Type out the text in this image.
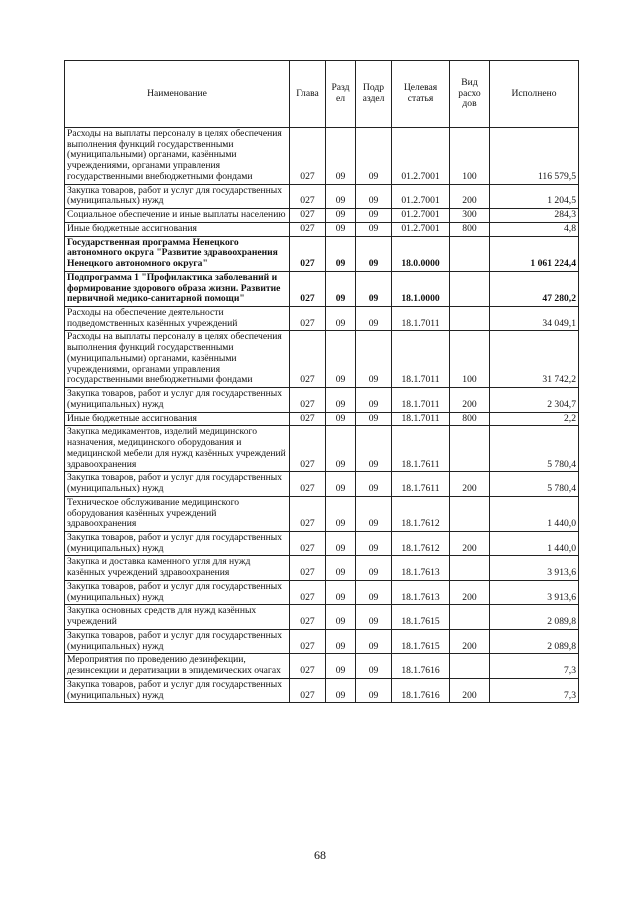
Наименование	Глава	Разд ел	Подр аздел	Целевая статья	Вид расхо дов	Исполнено
Расходы на выплаты персоналу в целях обеспечения выполнения функций государственными (муниципальными) органами, казёнными учреждениями, органами управления государственными внебюджетными фондами	027	09	09	01.2.7001	100	116 579,5
Закупка товаров, работ и услуг для государственных (муниципальных) нужд	027	09	09	01.2.7001	200	1 204,5
Социальное обеспечение и иные выплаты населению	027	09	09	01.2.7001	300	284,3
Иные бюджетные ассигнования	027	09	09	01.2.7001	800	4,8
Государственная программа Ненецкого автономного округа "Развитие здравоохранения Ненецкого автономного округа"	027	09	09	18.0.0000		1 061 224,4
Подпрограмма 1 "Профилактика заболеваний и формирование здорового образа жизни. Развитие первичной медико-санитарной помощи"	027	09	09	18.1.0000		47 280,2
Расходы на обеспечение деятельности подведомственных казённых учреждений	027	09	09	18.1.7011		34 049,1
Расходы на выплаты персоналу в целях обеспечения выполнения функций государственными (муниципальными) органами, казёнными учреждениями, органами управления государственными внебюджетными фондами	027	09	09	18.1.7011	100	31 742,2
Закупка товаров, работ и услуг для государственных (муниципальных) нужд	027	09	09	18.1.7011	200	2 304,7
Иные бюджетные ассигнования	027	09	09	18.1.7011	800	2,2
Закупка медикаментов, изделий медицинского назначения, медицинского оборудования и медицинской мебели для нужд казённых учреждений здравоохранения	027	09	09	18.1.7611		5 780,4
Закупка товаров, работ и услуг для государственных (муниципальных) нужд	027	09	09	18.1.7611	200	5 780,4
Техническое обслуживание медицинского оборудования казённых учреждений здравоохранения	027	09	09	18.1.7612		1 440,0
Закупка товаров, работ и услуг для государственных (муниципальных) нужд	027	09	09	18.1.7612	200	1 440,0
Закупка и доставка каменного угля для нужд казённых учреждений здравоохранения	027	09	09	18.1.7613		3 913,6
Закупка товаров, работ и услуг для государственных (муниципальных) нужд	027	09	09	18.1.7613	200	3 913,6
Закупка основных средств для нужд казённых учреждений	027	09	09	18.1.7615		2 089,8
Закупка товаров, работ и услуг для государственных (муниципальных) нужд	027	09	09	18.1.7615	200	2 089,8
Мероприятия по проведению дезинфекции, дезинсекции и дератизации в эпидемических очагах	027	09	09	18.1.7616		7,3
Закупка товаров, работ и услуг для государственных (муниципальных) нужд	027	09	09	18.1.7616	200	7,3
68
